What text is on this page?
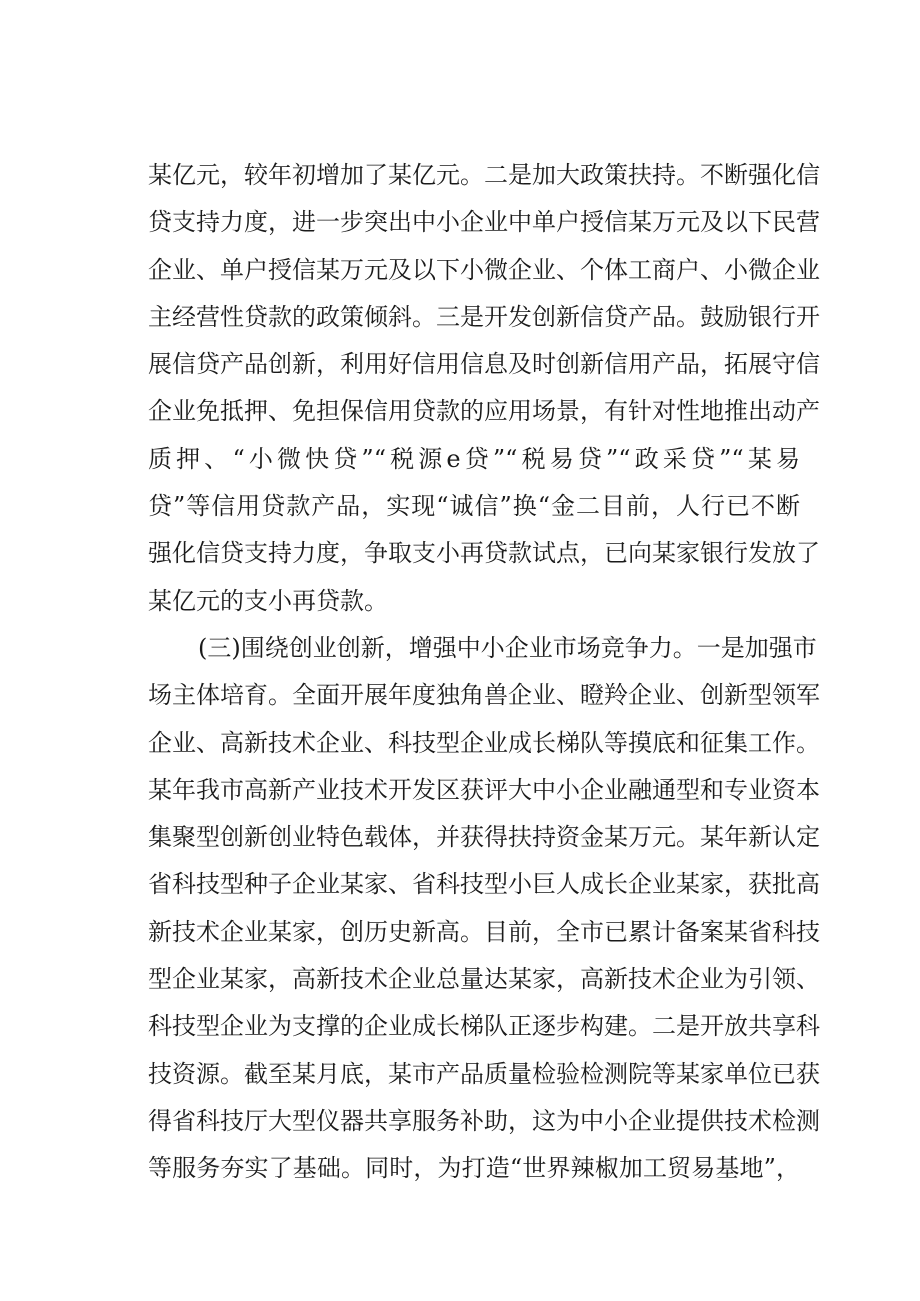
某亿元，较年初增加了某亿元。二是加大政策扶持。不断强化信
贷支持力度，进一步突出中小企业中单户授信某万元及以下民营
企业、单户授信某万元及以下小微企业、个体工商户、小微企业
主经营性贷款的政策倾斜。三是开发创新信贷产品。鼓励银行开
展信贷产品创新，利用好信用信息及时创新信用产品，拓展守信
企业免抵押、免担保信用贷款的应用场景，有针对性地推出动产
质押、“小微快贷”“税源e贷”“税易贷”“政采贷”“某易
贷”等信用贷款产品，实现“诚信”换“金二目前，人行已不断
强化信贷支持力度，争取支小再贷款试点，已向某家银行发放了
某亿元的支小再贷款。
(三)围绕创业创新，增强中小企业市场竞争力。一是加强市
场主体培育。全面开展年度独角兽企业、瞪羚企业、创新型领军
企业、高新技术企业、科技型企业成长梯队等摸底和征集工作。
某年我市高新产业技术开发区获评大中小企业融通型和专业资本
集聚型创新创业特色载体，并获得扶持资金某万元。某年新认定
省科技型种子企业某家、省科技型小巨人成长企业某家，获批高
新技术企业某家，创历史新高。目前，全市已累计备案某省科技
型企业某家，高新技术企业总量达某家，高新技术企业为引领、
科技型企业为支撑的企业成长梯队正逐步构建。二是开放共享科
技资源。截至某月底，某市产品质量检验检测院等某家单位已获
得省科技厅大型仪器共享服务补助，这为中小企业提供技术检测
等服务夯实了基础。同时，为打造“世界辣椒加工贸易基地”，
